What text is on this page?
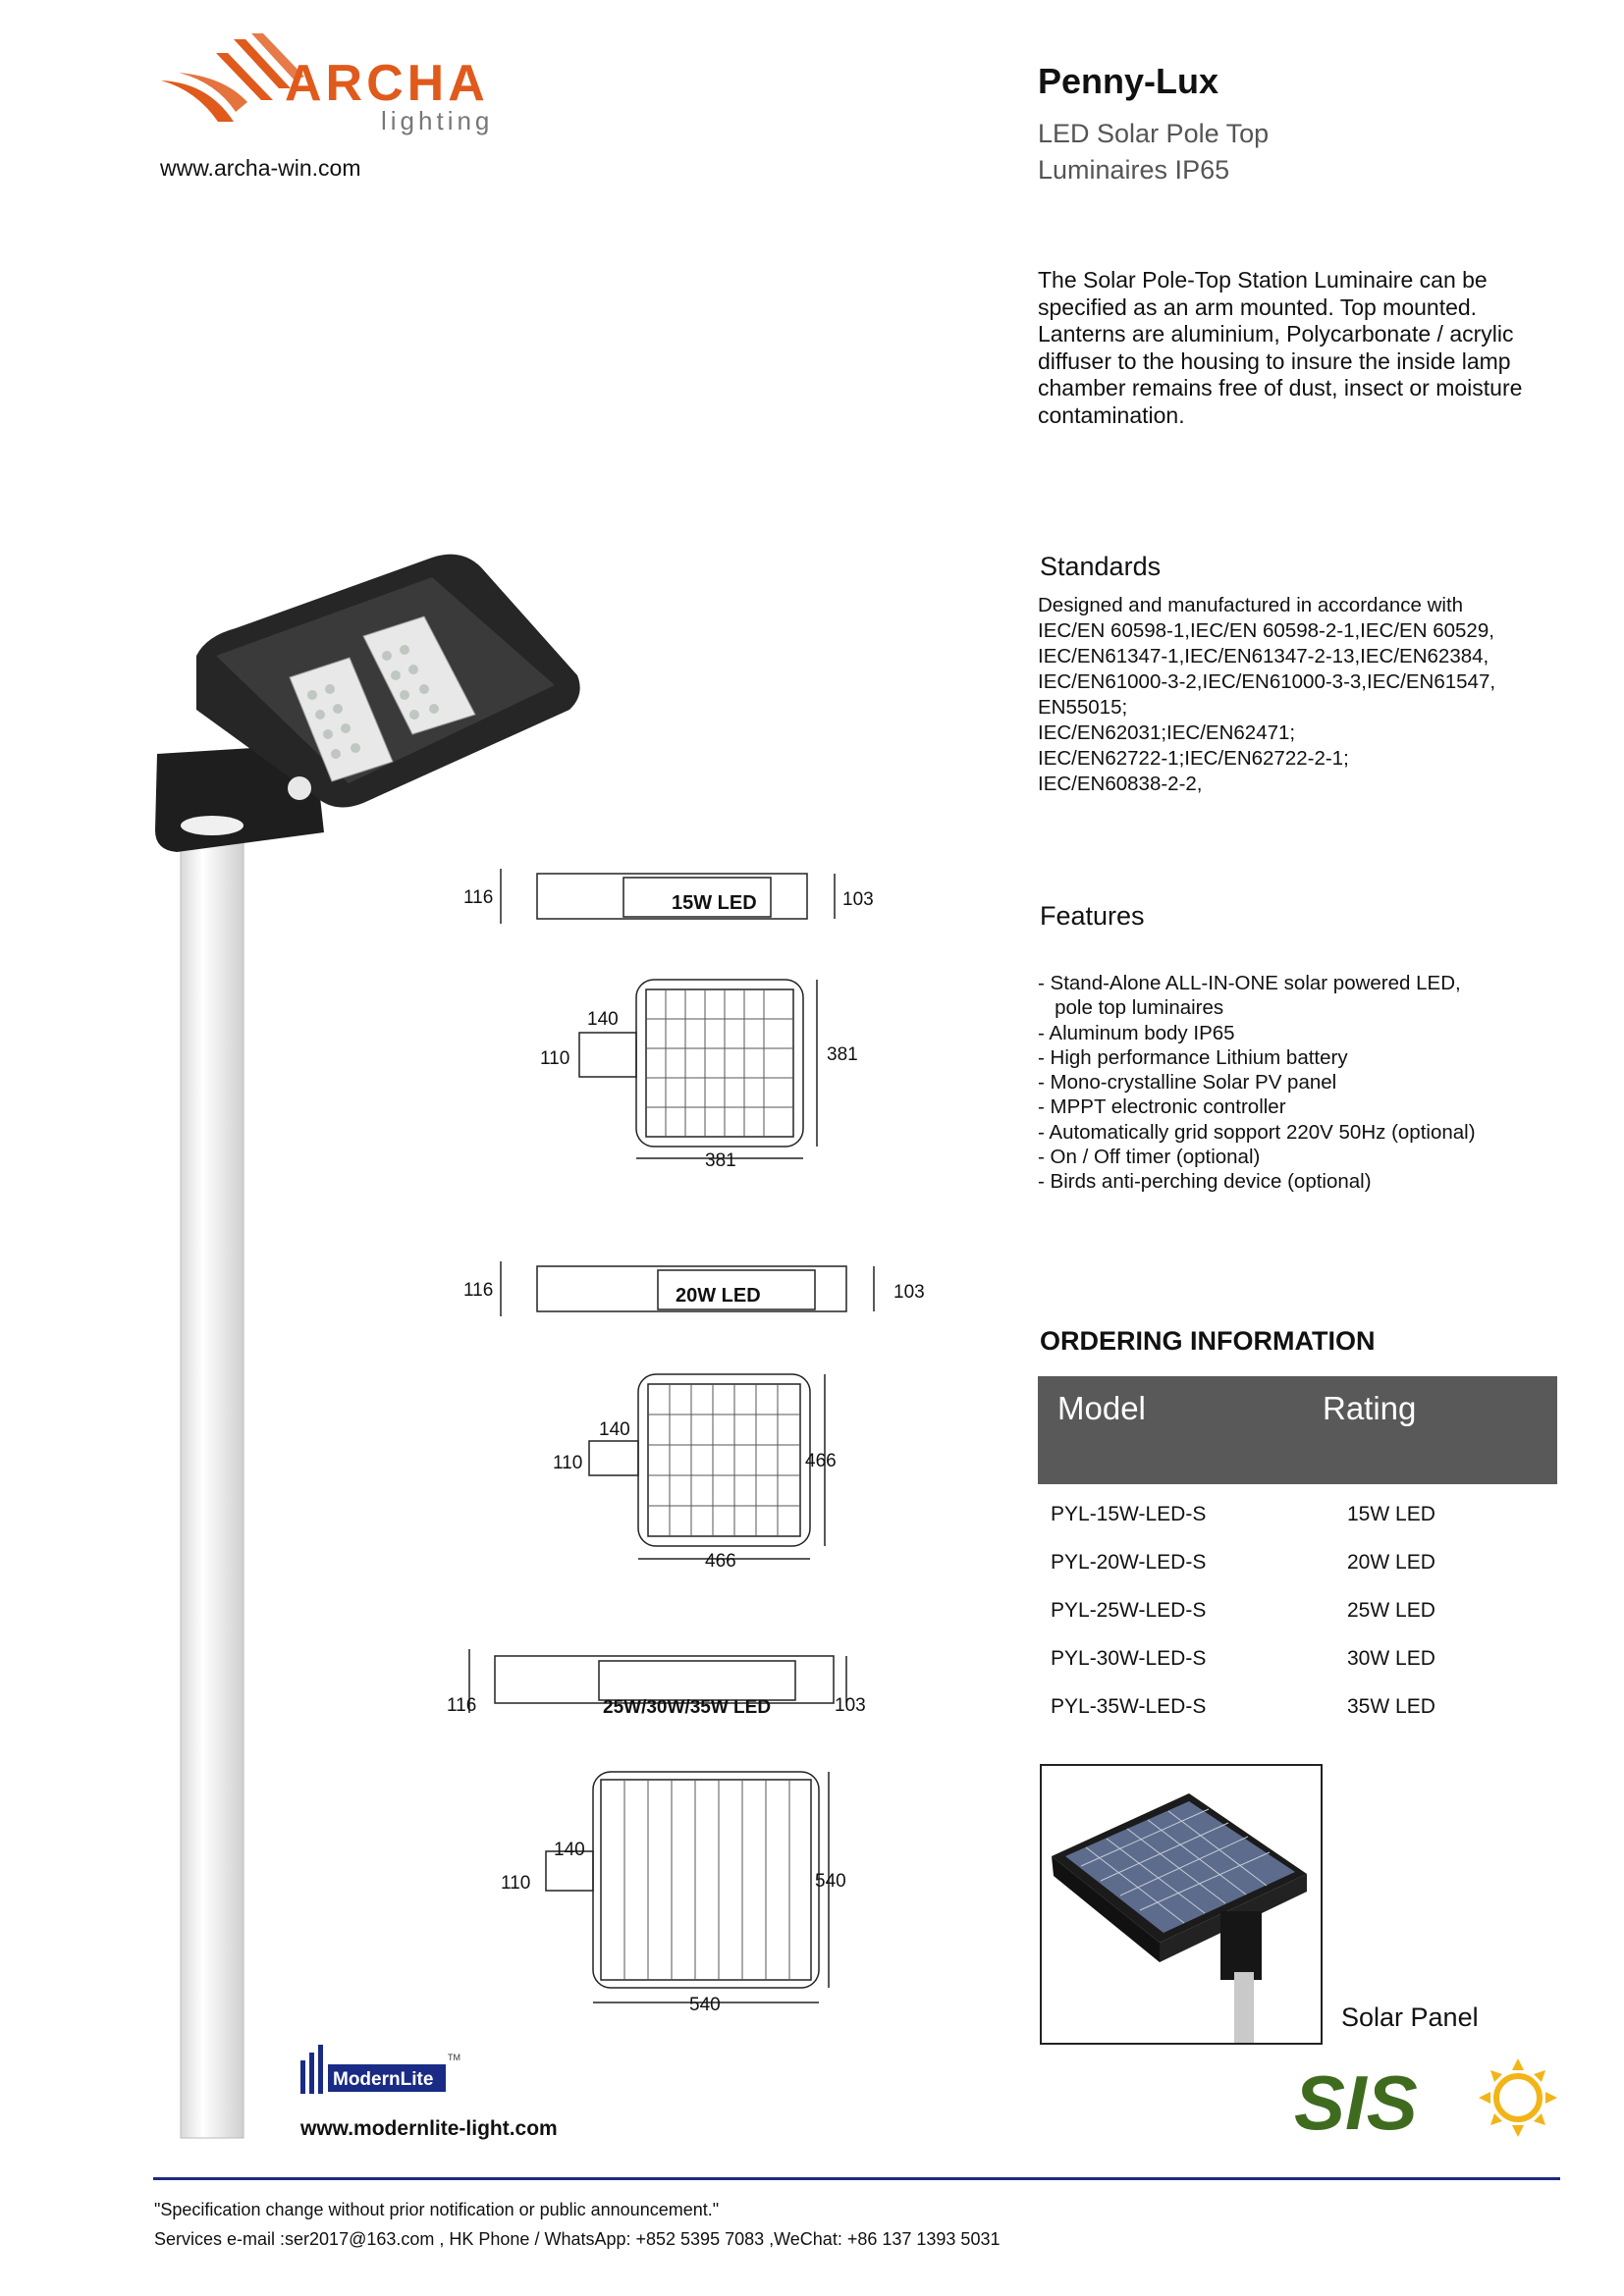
ARCHA
lighting
www.archa-win.com
Penny-Lux
LED Solar Pole Top
Luminaires IP65
The Solar Pole-Top Station Luminaire can be specified as an arm mounted. Top mounted. Lanterns are aluminium, Polycarbonate / acrylic diffuser to the housing to insure the inside lamp chamber remains free of dust, insect or moisture contamination.
Standards
Designed and manufactured in accordance with
IEC/EN 60598-1,IEC/EN 60598-2-1,IEC/EN 60529,
IEC/EN61347-1,IEC/EN61347-2-13,IEC/EN62384,
IEC/EN61000-3-2,IEC/EN61000-3-3,IEC/EN61547,
EN55015;
IEC/EN62031;IEC/EN62471;
IEC/EN62722-1;IEC/EN62722-2-1;
IEC/EN60838-2-2,
Features
- Stand-Alone ALL-IN-ONE solar powered LED,
pole top luminaires
- Aluminum body IP65
- High performance Lithium battery
- Mono-crystalline Solar PV panel
- MPPT electronic controller
- Automatically grid sopport 220V 50Hz (optional)
- On / Off timer (optional)
- Birds anti-perching device (optional)
ORDERING INFORMATION
Model	Rating
PYL-15W-LED-S	15W LED
PYL-20W-LED-S	20W LED
PYL-25W-LED-S	25W LED
PYL-30W-LED-S	30W LED
PYL-35W-LED-S	35W LED
15W LED
116	103
140
110	381
381
20W LED
116	103
140
110	466
466
25W/30W/35W LED
116	103
140
110	540
540	Solar Panel
ModernLite
TM
www.modernlite-light.com	SIS
"Specification change without prior notification or public announcement."
Services e-mail :ser2017@163.com , HK Phone / WhatsApp: +852 5395 7083 ,WeChat: +86 137 1393 5031
